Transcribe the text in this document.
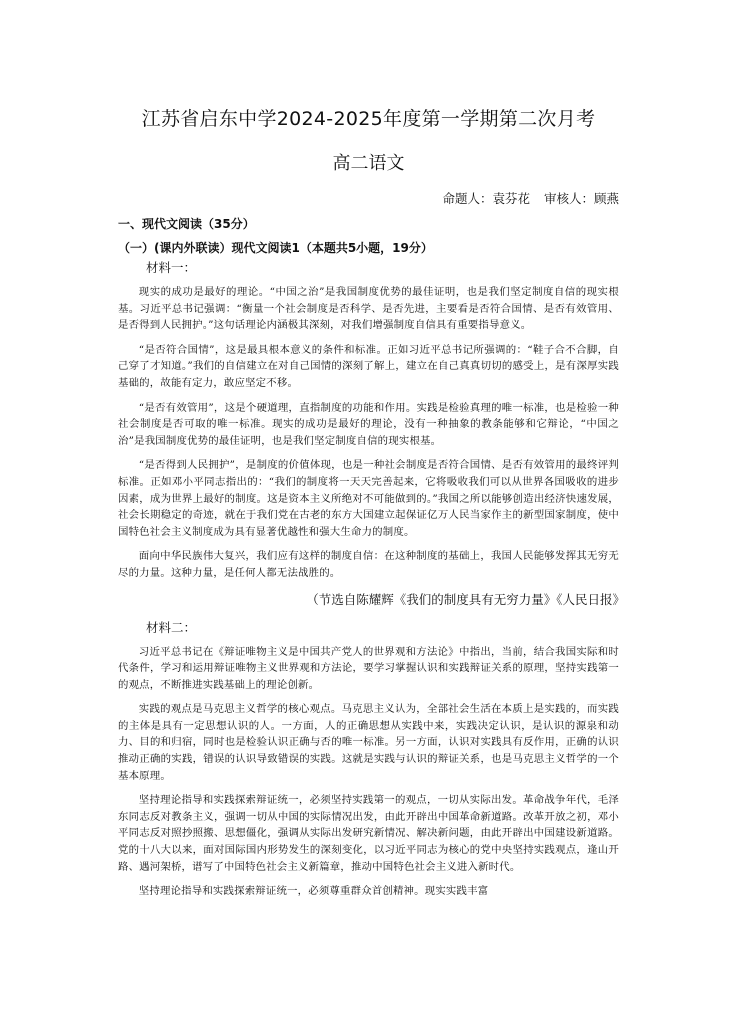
江苏省启东中学2024-2025年度第一学期第二次月考
高二语文
命题人：袁芬花 审核人：顾燕
一、现代文阅读（35分）
（一）(课内外联读）现代文阅读1（本题共5小题，19分）
材料一：

现实的成功是最好的理论。“中国之治”是我国制度优势的最佳证明，也是我们坚定制度自信的现实根基。习近平总书记强调：“衡量一个社会制度是否科学、是否先进，主要看是否符合国情、是否有效管用、是否得到人民拥护。”这句话理论内涵极其深刻，对我们增强制度自信具有重要指导意义。

“是否符合国情”，这是最具根本意义的条件和标准。正如习近平总书记所强调的：“鞋子合不合脚，自己穿了才知道。”我们的自信建立在对自己国情的深刻了解上，建立在自己真真切切的感受上，是有深厚实践基础的，故能有定力，敢应坚定不移。

“是否有效管用”，这是个硬道理，直指制度的功能和作用。实践是检验真理的唯一标准，也是检验一种社会制度是否可取的唯一标准。现实的成功是最好的理论，没有一种抽象的教条能够和它辩论，“中国之治”是我国制度优势的最佳证明，也是我们坚定制度自信的现实根基。

“是否得到人民拥护”，是制度的价值体现，也是一种社会制度是否符合国情、是否有效管用的最终评判标准。正如邓小平同志指出的：“我们的制度将一天天完善起来，它将吸收我们可以从世界各国吸收的进步因素，成为世界上最好的制度。这是资本主义所绝对不可能做到的。”我国之所以能够创造出经济快速发展，社会长期稳定的奇迹，就在于我们党在古老的东方大国建立起保证亿万人民当家作主的新型国家制度，使中国特色社会主义制度成为具有显著优越性和强大生命力的制度。

面向中华民族伟大复兴，我们应有这样的制度自信：在这种制度的基础上，我国人民能够发挥其无穷无尽的力量。这种力量，是任何人都无法战胜的。

（节选自陈耀辉《我们的制度具有无穷力量》《人民日报》
材料二：

习近平总书记在《辩证唯物主义是中国共产党人的世界观和方法论》中指出，当前，结合我国实际和时代条件，学习和运用辩证唯物主义世界观和方法论，要学习掌握认识和实践辩证关系的原理，坚持实践第一的观点，不断推进实践基础上的理论创新。

实践的观点是马克思主义哲学的核心观点。马克思主义认为，全部社会生活在本质上是实践的，而实践的主体是具有一定思想认识的人。一方面，人的正确思想从实践中来，实践决定认识，是认识的源泉和动力、目的和归宿，同时也是检验认识正确与否的唯一标准。另一方面，认识对实践具有反作用，正确的认识推动正确的实践，错误的认识导致错误的实践。这就是实践与认识的辩证关系，也是马克思主义哲学的一个基本原理。

坚持理论指导和实践探索辩证统一，必须坚持实践第一的观点，一切从实际出发。革命战争年代，毛泽东同志反对教条主义，强调一切从中国的实际情况出发，由此开辟出中国革命新道路。改革开放之初，邓小平同志反对照抄照搬、思想僵化，强调从实际出发研究新情况、解决新问题，由此开辟出中国建设新道路。党的十八大以来，面对国际国内形势发生的深刻变化，以习近平同志为核心的党中央坚持实践观点，逢山开路、遇河架桥，谱写了中国特色社会主义新篇章，推动中国特色社会主义进入新时代。

坚持理论指导和实践探索辩证统一，必须尊重群众首创精神。现实实践丰富
